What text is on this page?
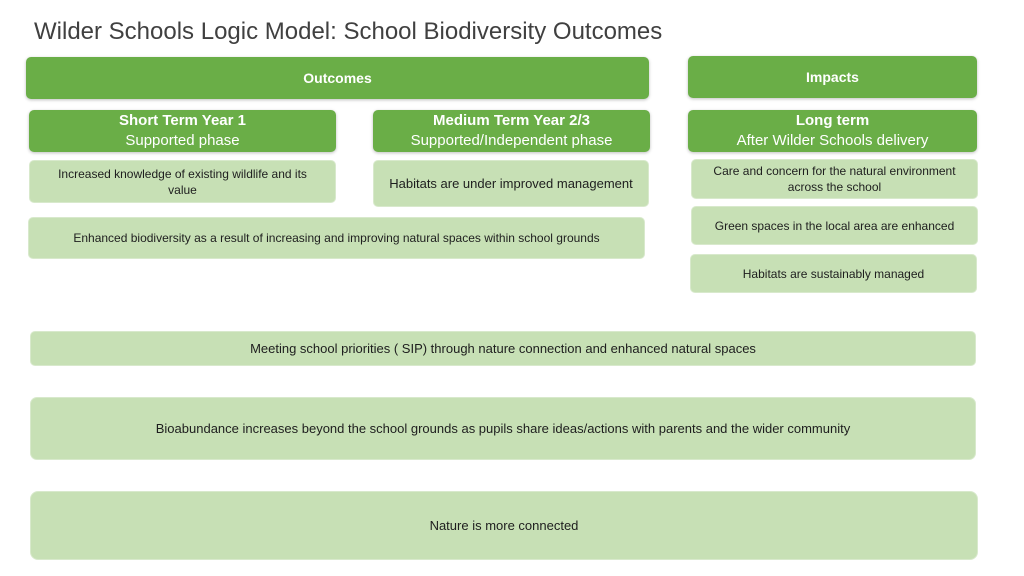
Wilder Schools Logic Model: School Biodiversity Outcomes
Outcomes	Impacts
Short Term Year 1
Supported phase
Medium Term Year 2/3
Supported/Independent phase
Long term
After Wilder Schools delivery
Increased knowledge of existing wildlife and its value	Habitats are under improved management
Enhanced biodiversity as a result of increasing and improving natural spaces within school grounds
Care and concern for the natural environment across the school
Green spaces in the local area are enhanced
Habitats are sustainably managed
Meeting school priorities ( SIP) through nature connection and enhanced natural spaces
Bioabundance increases beyond the school grounds as pupils share ideas/actions with parents and the wider community
Nature is more connected
